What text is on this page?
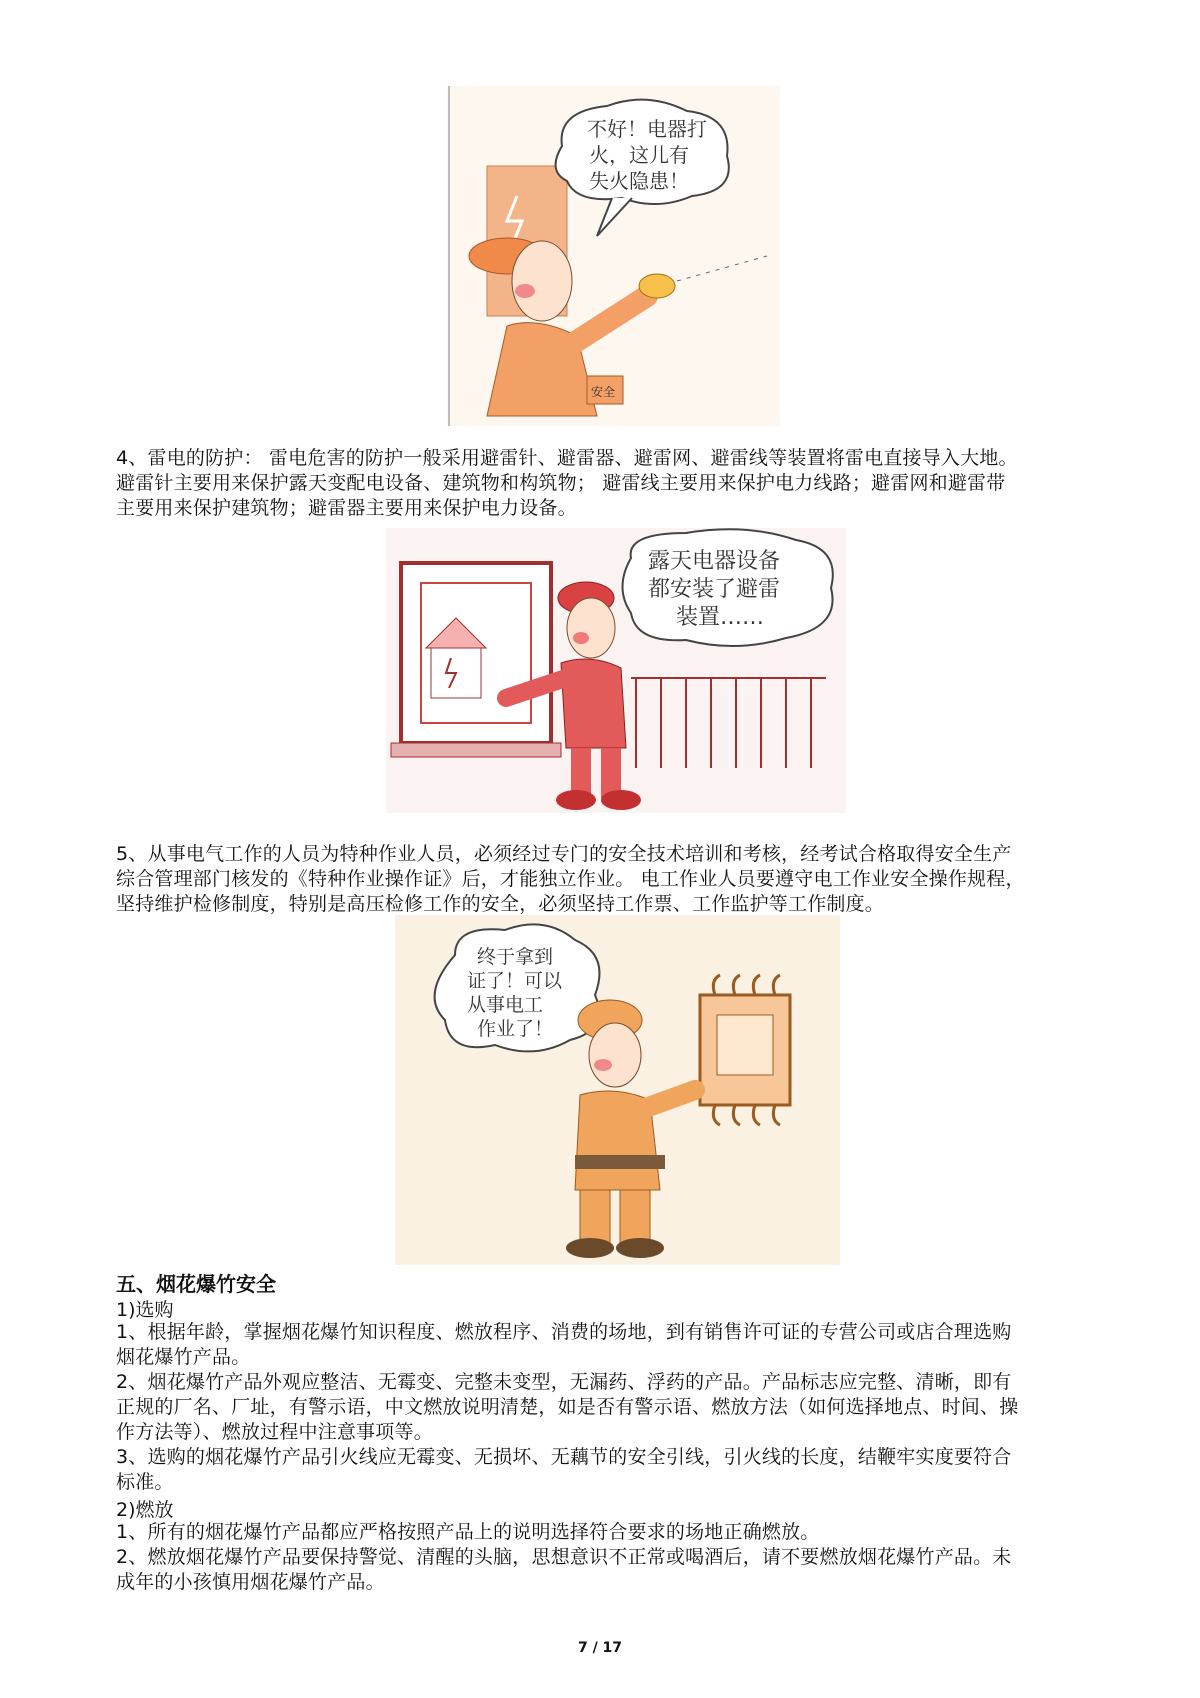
不好！电器打
火，这儿有
失火隐患！
安全

4、雷电的防护： 雷电危害的防护一般采用避雷针、避雷器、避雷网、避雷线等装置将雷电直接导入大地。
避雷针主要用来保护露天变配电设备、建筑物和构筑物； 避雷线主要用来保护电力线路；避雷网和避雷带
主要用来保护建筑物；避雷器主要用来保护电力设备。

露天电器设备
都安装了避雷
装置……

5、从事电气工作的人员为特种作业人员，必须经过专门的安全技术培训和考核，经考试合格取得安全生产
综合管理部门核发的《特种作业操作证》后，才能独立作业。 电工作业人员要遵守电工作业安全操作规程，
坚持维护检修制度，特别是高压检修工作的安全，必须坚持工作票、工作监护等工作制度。

终于拿到
证了！可以
从事电工
作业了！

五、烟花爆竹安全

1)选购

1、根据年龄，掌握烟花爆竹知识程度、燃放程序、消费的场地，到有销售许可证的专营公司或店合理选购
烟花爆竹产品。
2、烟花爆竹产品外观应整洁、无霉变、完整未变型，无漏药、浮药的产品。产品标志应完整、清晰，即有
正规的厂名、厂址，有警示语，中文燃放说明清楚，如是否有警示语、燃放方法（如何选择地点、时间、操
作方法等）、燃放过程中注意事项等。
3、选购的烟花爆竹产品引火线应无霉变、无损坏、无藕节的安全引线，引火线的长度，结鞭牢实度要符合
标准。

2)燃放

1、所有的烟花爆竹产品都应严格按照产品上的说明选择符合要求的场地正确燃放。
2、燃放烟花爆竹产品要保持警觉、清醒的头脑，思想意识不正常或喝酒后，请不要燃放烟花爆竹产品。未
成年的小孩慎用烟花爆竹产品。

7 / 17
